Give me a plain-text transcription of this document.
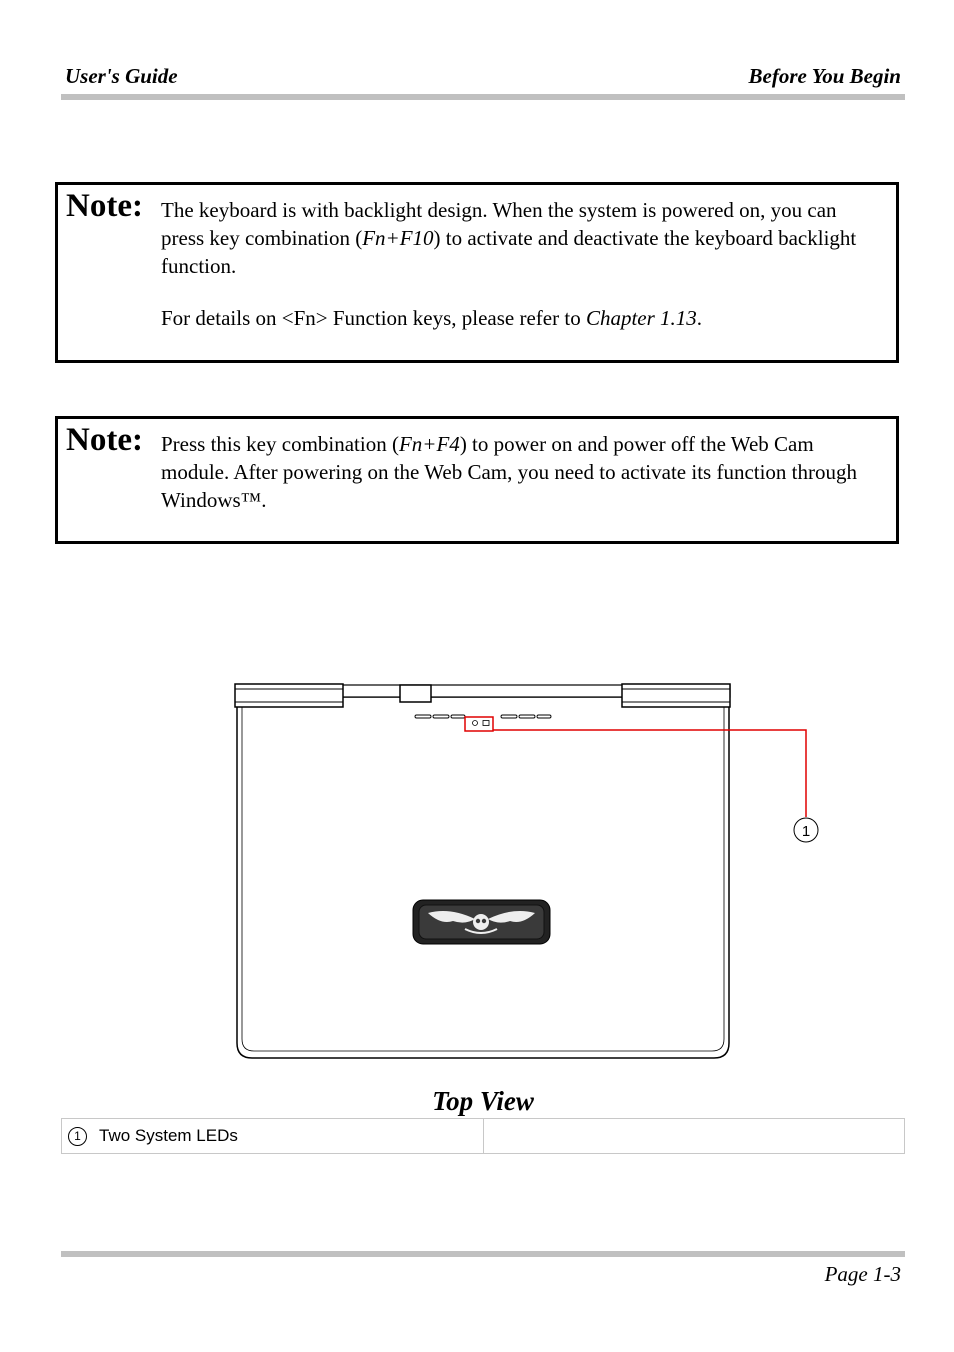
User's Guide	Before You Begin
Note: The keyboard is with backlight design. When the system is powered on, you can press key combination (Fn+F10) to activate and deactivate the keyboard backlight function.

For details on <Fn> Function keys, please refer to Chapter 1.13.

Note: Press this key combination (Fn+F4) to power on and power off the Web Cam module. After powering on the Web Cam, you need to activate its function through Windows™.

1
Top View
1 Two System LEDs	
Page 1-3
